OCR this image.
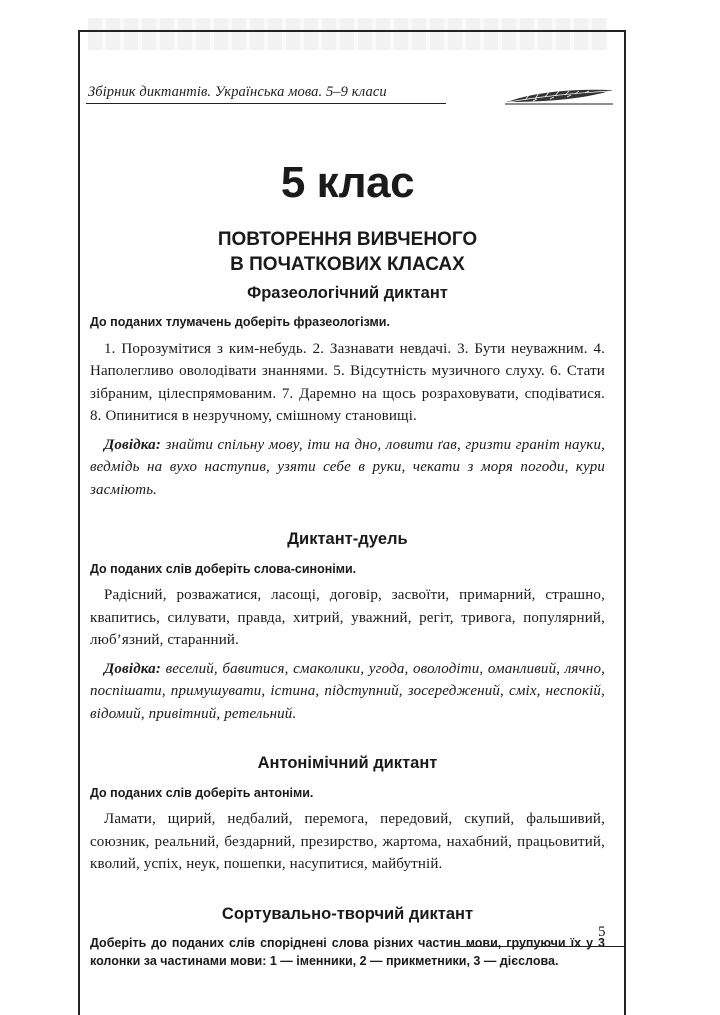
Збірник диктантів. Українська мова. 5–9 класи
5 клас
ПОВТОРЕННЯ ВИВЧЕНОГО
В ПОЧАТКОВИХ КЛАСАХ
Фразеологічний диктант
До поданих тлумачень доберіть фразеологізми.
1. Порозумітися з ким-небудь. 2. Зазнавати невдачі. 3. Бути неуважним. 4. Наполегливо оволодівати знаннями. 5. Відсутність музичного слуху. 6. Стати зібраним, цілеспрямованим. 7. Даремно на щось розраховувати, сподіватися. 8. Опинитися в незручному, смішному становищі.
Довідка: знайти спільну мову, іти на дно, ловити ґав, гризти граніт науки, ведмідь на вухо наступив, узяти себе в руки, чекати з моря погоди, кури засміють.
Диктант-дуель
До поданих слів доберіть слова-синоніми.
Радісний, розважатися, ласощі, договір, засвоїти, примарний, страшно, квапитись, силувати, правда, хитрий, уважний, регіт, тривога, популярний, люб’язний, старанний.
Довідка: веселий, бавитися, смаколики, угода, оволодіти, оманливий, лячно, поспішати, примушувати, істина, підступний, зосереджений, сміх, неспокій, відомий, привітний, ретельний.
Антонімічний диктант
До поданих слів доберіть антоніми.
Ламати, щирий, недбалий, перемога, передовий, скупий, фальшивий, союзник, реальний, бездарний, презирство, жартома, нахабний, працьовитий, кволий, успіх, неук, пошепки, насупитися, майбутній.
Сортувально-творчий диктант
Доберіть до поданих слів споріднені слова різних частин мови, групуючи їх у 3 колонки за частинами мови: 1 — іменники, 2 — прикметники, 3 — дієслова.
5
